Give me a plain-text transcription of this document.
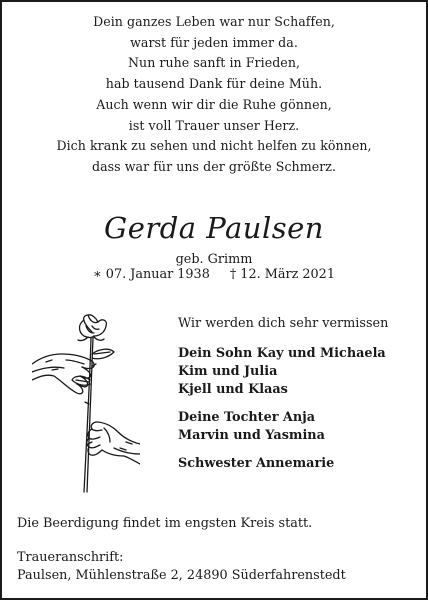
Dein ganzes Leben war nur Schaffen,
warst für jeden immer da.
Nun ruhe sanft in Frieden,
hab tausend Dank für deine Müh.
Auch wenn wir dir die Ruhe gönnen,
ist voll Trauer unser Herz.
Dich krank zu sehen und nicht helfen zu können,
dass war für uns der größte Schmerz.
Gerda Paulsen
geb. Grimm
∗ 07. Januar 1938 † 12. März 2021
Wir werden dich sehr vermissen
Dein Sohn Kay und Michaela
Kim und Julia
Kjell und Klaas
Deine Tochter Anja
Marvin und Yasmina
Schwester Annemarie
Die Beerdigung findet im engsten Kreis statt.
Traueranschrift:
Paulsen, Mühlenstraße 2, 24890 Süderfahrenstedt
